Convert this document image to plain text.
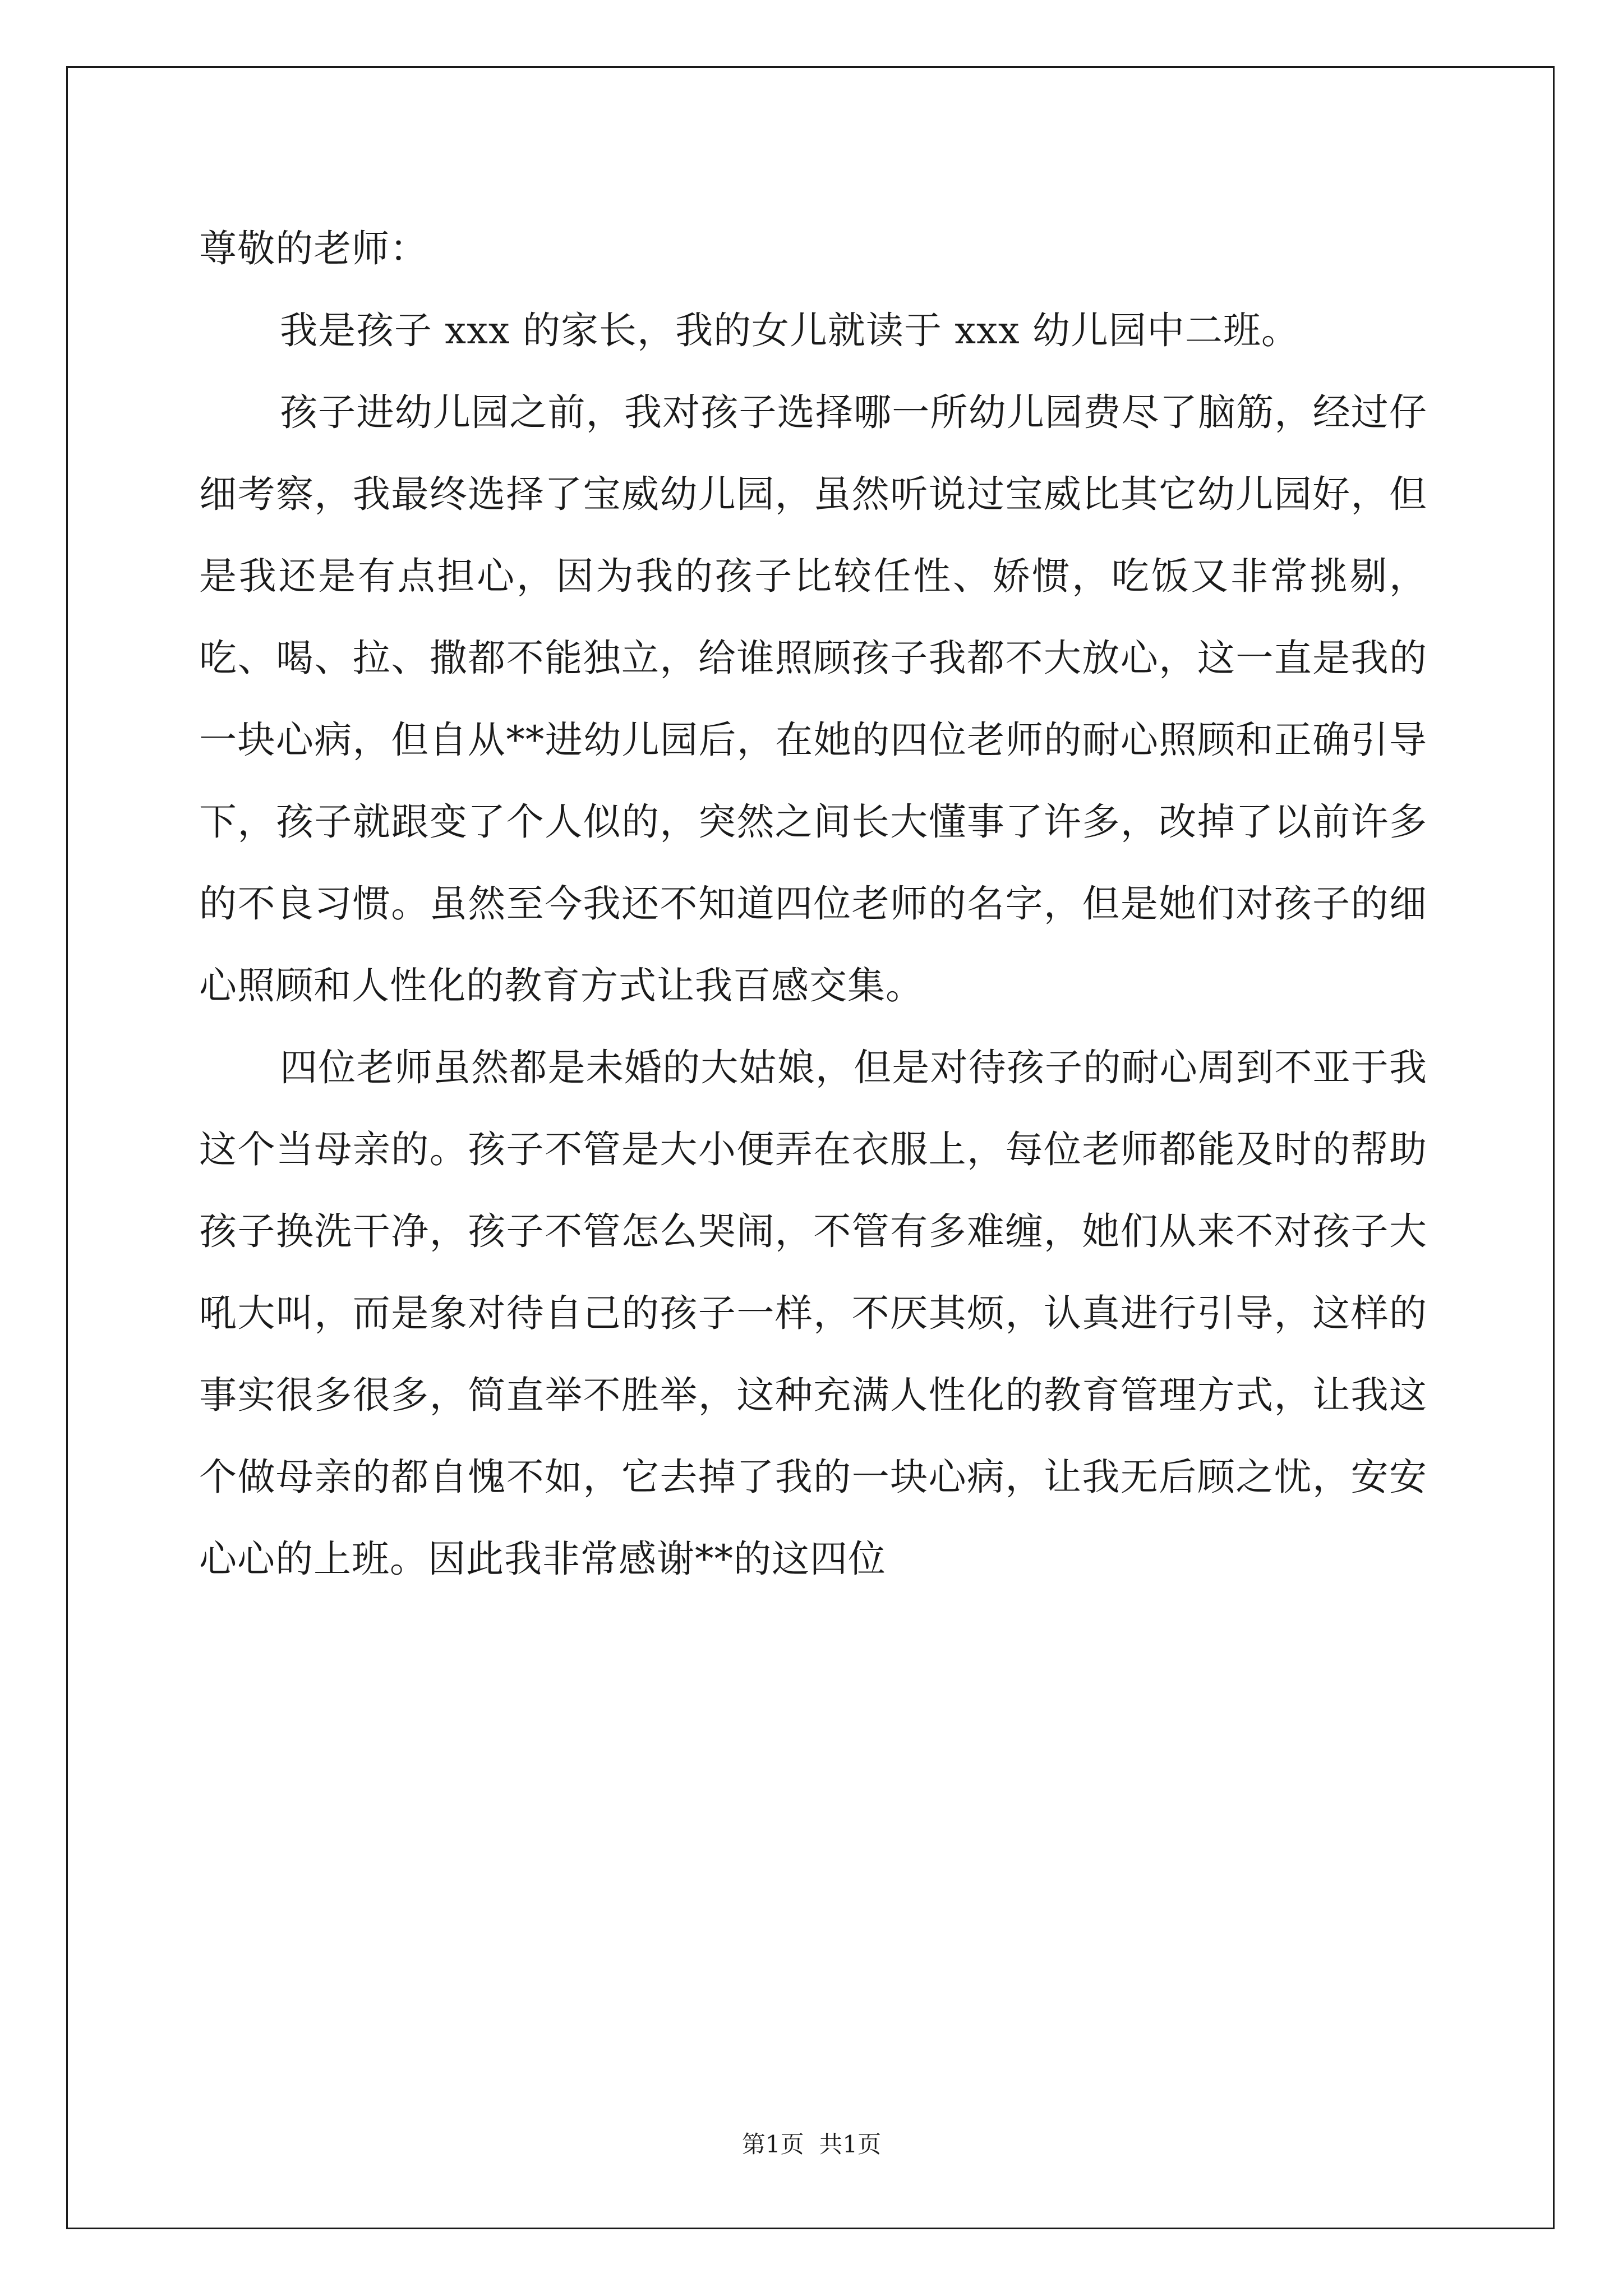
尊敬的老师：

我是孩子 xxx 的家长，我的女儿就读于 xxx 幼儿园中二班。

孩子进幼儿园之前，我对孩子选择哪一所幼儿园费尽了脑筋，经过仔细考察，我最终选择了宝威幼儿园，虽然听说过宝威比其它幼儿园好，但是我还是有点担心，因为我的孩子比较任性、娇惯，吃饭又非常挑剔，吃、喝、拉、撒都不能独立，给谁照顾孩子我都不大放心，这一直是我的一块心病，但自从**进幼儿园后，在她的四位老师的耐心照顾和正确引导下，孩子就跟变了个人似的，突然之间长大懂事了许多，改掉了以前许多的不良习惯。虽然至今我还不知道四位老师的名字，但是她们对孩子的细心照顾和人性化的教育方式让我百感交集。

四位老师虽然都是未婚的大姑娘，但是对待孩子的耐心周到不亚于我这个当母亲的。孩子不管是大小便弄在衣服上，每位老师都能及时的帮助孩子换洗干净，孩子不管怎么哭闹，不管有多难缠，她们从来不对孩子大吼大叫，而是象对待自己的孩子一样，不厌其烦，认真进行引导，这样的事实很多很多，简直举不胜举，这种充满人性化的教育管理方式，让我这个做母亲的都自愧不如，它去掉了我的一块心病，让我无后顾之忧，安安心心的上班。因此我非常感谢**的这四位

第1页  共1页
